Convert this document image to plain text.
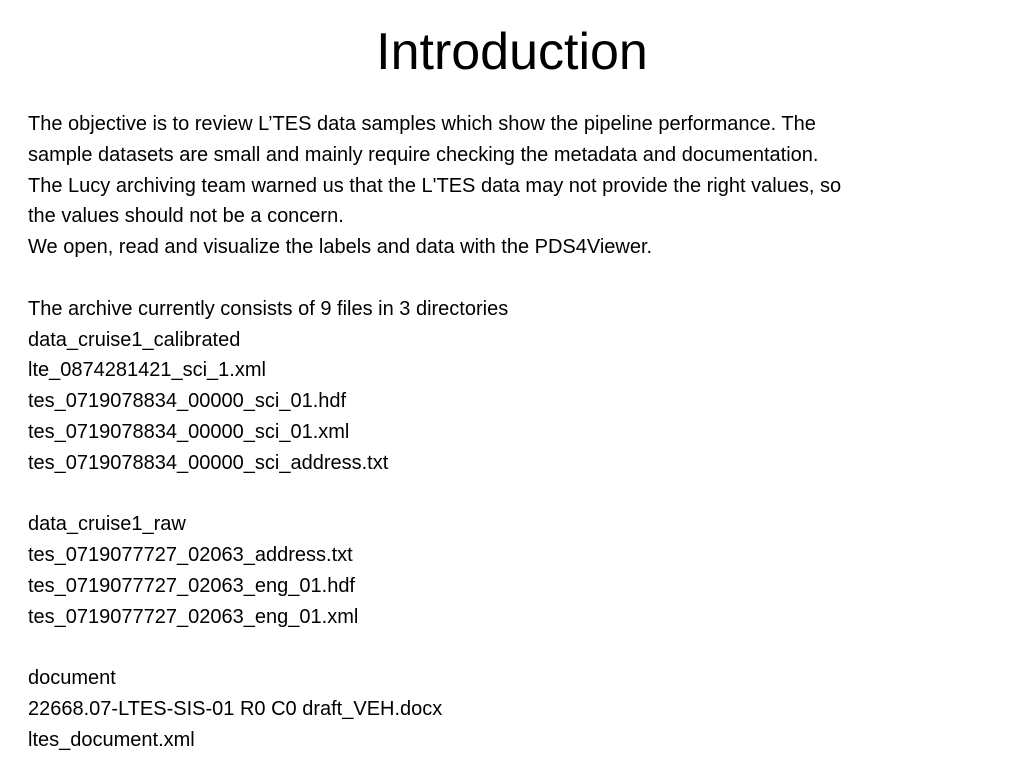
Introduction
The objective is to review L’TES data samples which show the pipeline performance. The
sample datasets are small and mainly require checking the metadata and documentation.
The Lucy archiving team warned us that the L'TES data may not provide the right values, so
the values should not be a concern.
We open, read and visualize the labels and data with the PDS4Viewer.
The archive currently consists of 9 files in 3 directories
data_cruise1_calibrated
lte_0874281421_sci_1.xml
tes_0719078834_00000_sci_01.hdf
tes_0719078834_00000_sci_01.xml
tes_0719078834_00000_sci_address.txt
data_cruise1_raw
tes_0719077727_02063_address.txt
tes_0719077727_02063_eng_01.hdf
tes_0719077727_02063_eng_01.xml
document
22668.07-LTES-SIS-01 R0 C0 draft_VEH.docx
ltes_document.xml
